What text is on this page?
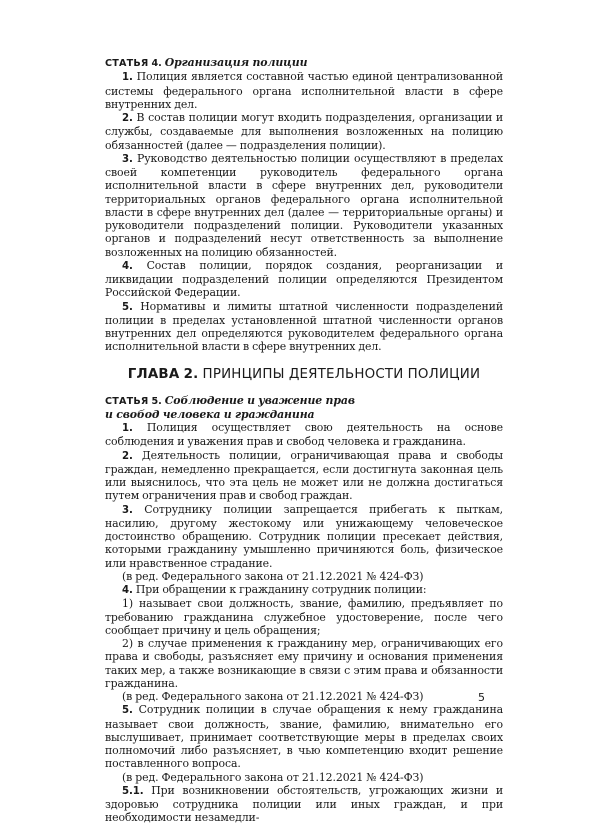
СТАТЬЯ 4. Организация полиции

1. Полиция является составной частью единой централизованной системы федерального органа исполнительной власти в сфере внутренних дел.

2. В состав полиции могут входить подразделения, организации и службы, создаваемые для выполнения возложенных на полицию обязанностей (далее — подразделения полиции).

3. Руководство деятельностью полиции осуществляют в пределах своей компетенции руководитель федерального органа исполнительной власти в сфере внутренних дел, руководители территориальных органов федерального органа исполнительной власти в сфере внутренних дел (далее — территориальные органы) и руководители подразделений полиции. Руководители указанных органов и подразделений несут ответственность за выполнение возложенных на полицию обязанностей.

4. Состав полиции, порядок создания, реорганизации и ликвидации подразделений полиции определяются Президентом Российской Федерации.

5. Нормативы и лимиты штатной численности подразделений полиции в пределах установленной штатной численности органов внутренних дел определяются руководителем федерального органа исполнительной власти в сфере внутренних дел.

ГЛАВА 2. ПРИНЦИПЫ ДЕЯТЕЛЬНОСТИ ПОЛИЦИИ
СТАТЬЯ 5. Соблюдение и уважение прав
и свобод человека и гражданина

1. Полиция осуществляет свою деятельность на основе соблюдения и уважения прав и свобод человека и гражданина.

2. Деятельность полиции, ограничивающая права и свободы граждан, немедленно прекращается, если достигнута законная цель или выяснилось, что эта цель не может или не должна достигаться путем ограничения прав и свобод граждан.

3. Сотруднику полиции запрещается прибегать к пыткам, насилию, другому жестокому или унижающему человеческое достоинство обращению. Сотрудник полиции пресекает действия, которыми гражданину умышленно причиняются боль, физическое или нравственное страдание.

(в ред. Федерального закона от 21.12.2021 № 424-ФЗ)

4. При обращении к гражданину сотрудник полиции:

1) называет свои должность, звание, фамилию, предъявляет по требованию гражданина служебное удостоверение, после чего сообщает причину и цель обращения;

2) в случае применения к гражданину мер, ограничивающих его права и свободы, разъясняет ему причину и основания применения таких мер, а также возникающие в связи с этим права и обязанности гражданина.

(в ред. Федерального закона от 21.12.2021 № 424-ФЗ)

5. Сотрудник полиции в случае обращения к нему гражданина называет свои должность, звание, фамилию, внимательно его выслушивает, принимает соответствующие меры в пределах своих полномочий либо разъясняет, в чью компетенцию входит решение поставленного вопроса.

(в ред. Федерального закона от 21.12.2021 № 424-ФЗ)

5.1. При возникновении обстоятельств, угрожающих жизни и здоровью сотрудника полиции или иных граждан, и при необходимости незамедли-

5
